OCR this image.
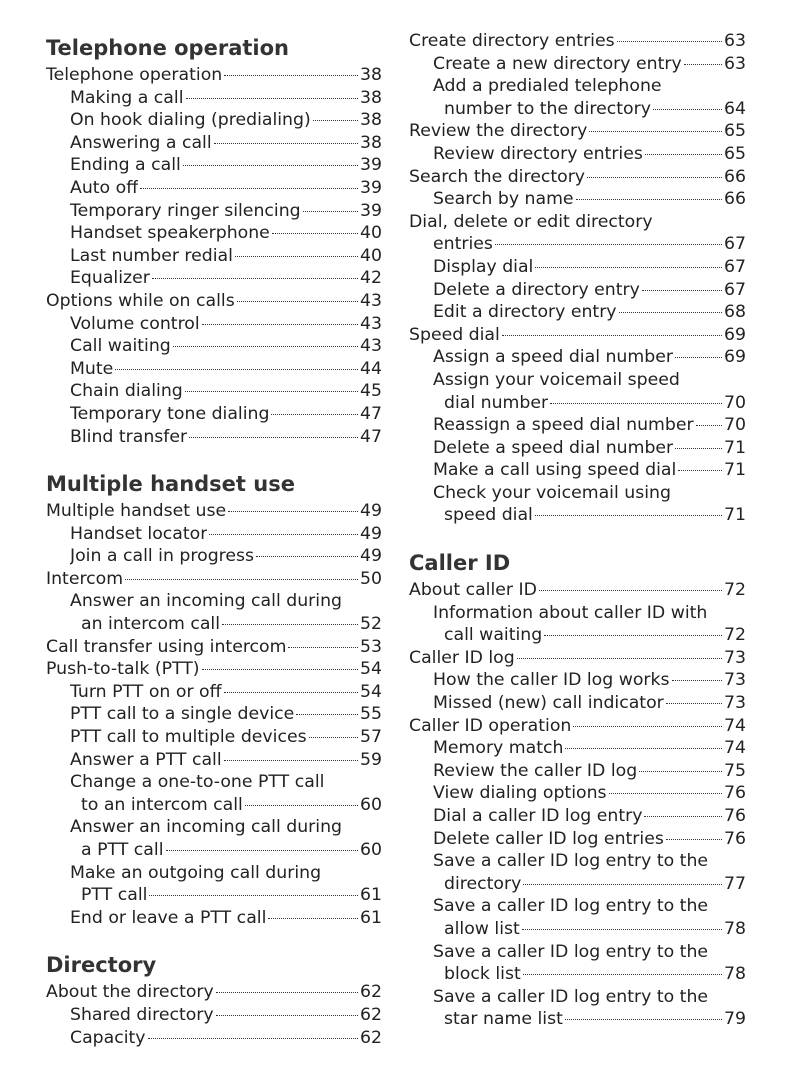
Telephone operation
Telephone operation	38
Making a call	38
On hook dialing (predialing)	38
Answering a call	38
Ending a call	39
Auto off	39
Temporary ringer silencing	39
Handset speakerphone	40
Last number redial	40
Equalizer	42
Options while on calls	43
Volume control	43
Call waiting	43
Mute	44
Chain dialing	45
Temporary tone dialing	47
Blind transfer	47
Multiple handset use
Multiple handset use	49
Handset locator	49
Join a call in progress	49
Intercom	50
Answer an incoming call during
an intercom call	52
Call transfer using intercom	53
Push-to-talk (PTT)	54
Turn PTT on or off	54
PTT call to a single device	55
PTT call to multiple devices	57
Answer a PTT call	59
Change a one-to-one PTT call
to an intercom call	60
Answer an incoming call during
a PTT call	60
Make an outgoing call during
PTT call	61
End or leave a PTT call	61
Directory
About the directory	62
Shared directory	62
Capacity	62
Create directory entries	63
Create a new directory entry 63
Add a predialed telephone
number to the directory	64
Review the directory	65
Review directory entries	65
Search the directory	66
Search by name	66
Dial, delete or edit directory
entries	67
Display dial	67
Delete a directory entry	67
Edit a directory entry	68
Speed dial	69
Assign a speed dial number	69
Assign your voicemail speed
dial number	70
Reassign a speed dial number 70
Delete a speed dial number	71
Make a call using speed dial	71
Check your voicemail using
speed dial	71
Caller ID
About caller ID	72
Information about caller ID with
call waiting	72
Caller ID log	73
How the caller ID log works	73
Missed (new) call indicator	73
Caller ID operation	74
Memory match	74
Review the caller ID log	75
View dialing options	76
Dial a caller ID log entry	76
Delete caller ID log entries	76
Save a caller ID log entry to the
directory	77
Save a caller ID log entry to the
allow list	78
Save a caller ID log entry to the
block list	78
Save a caller ID log entry to the
star name list	79
